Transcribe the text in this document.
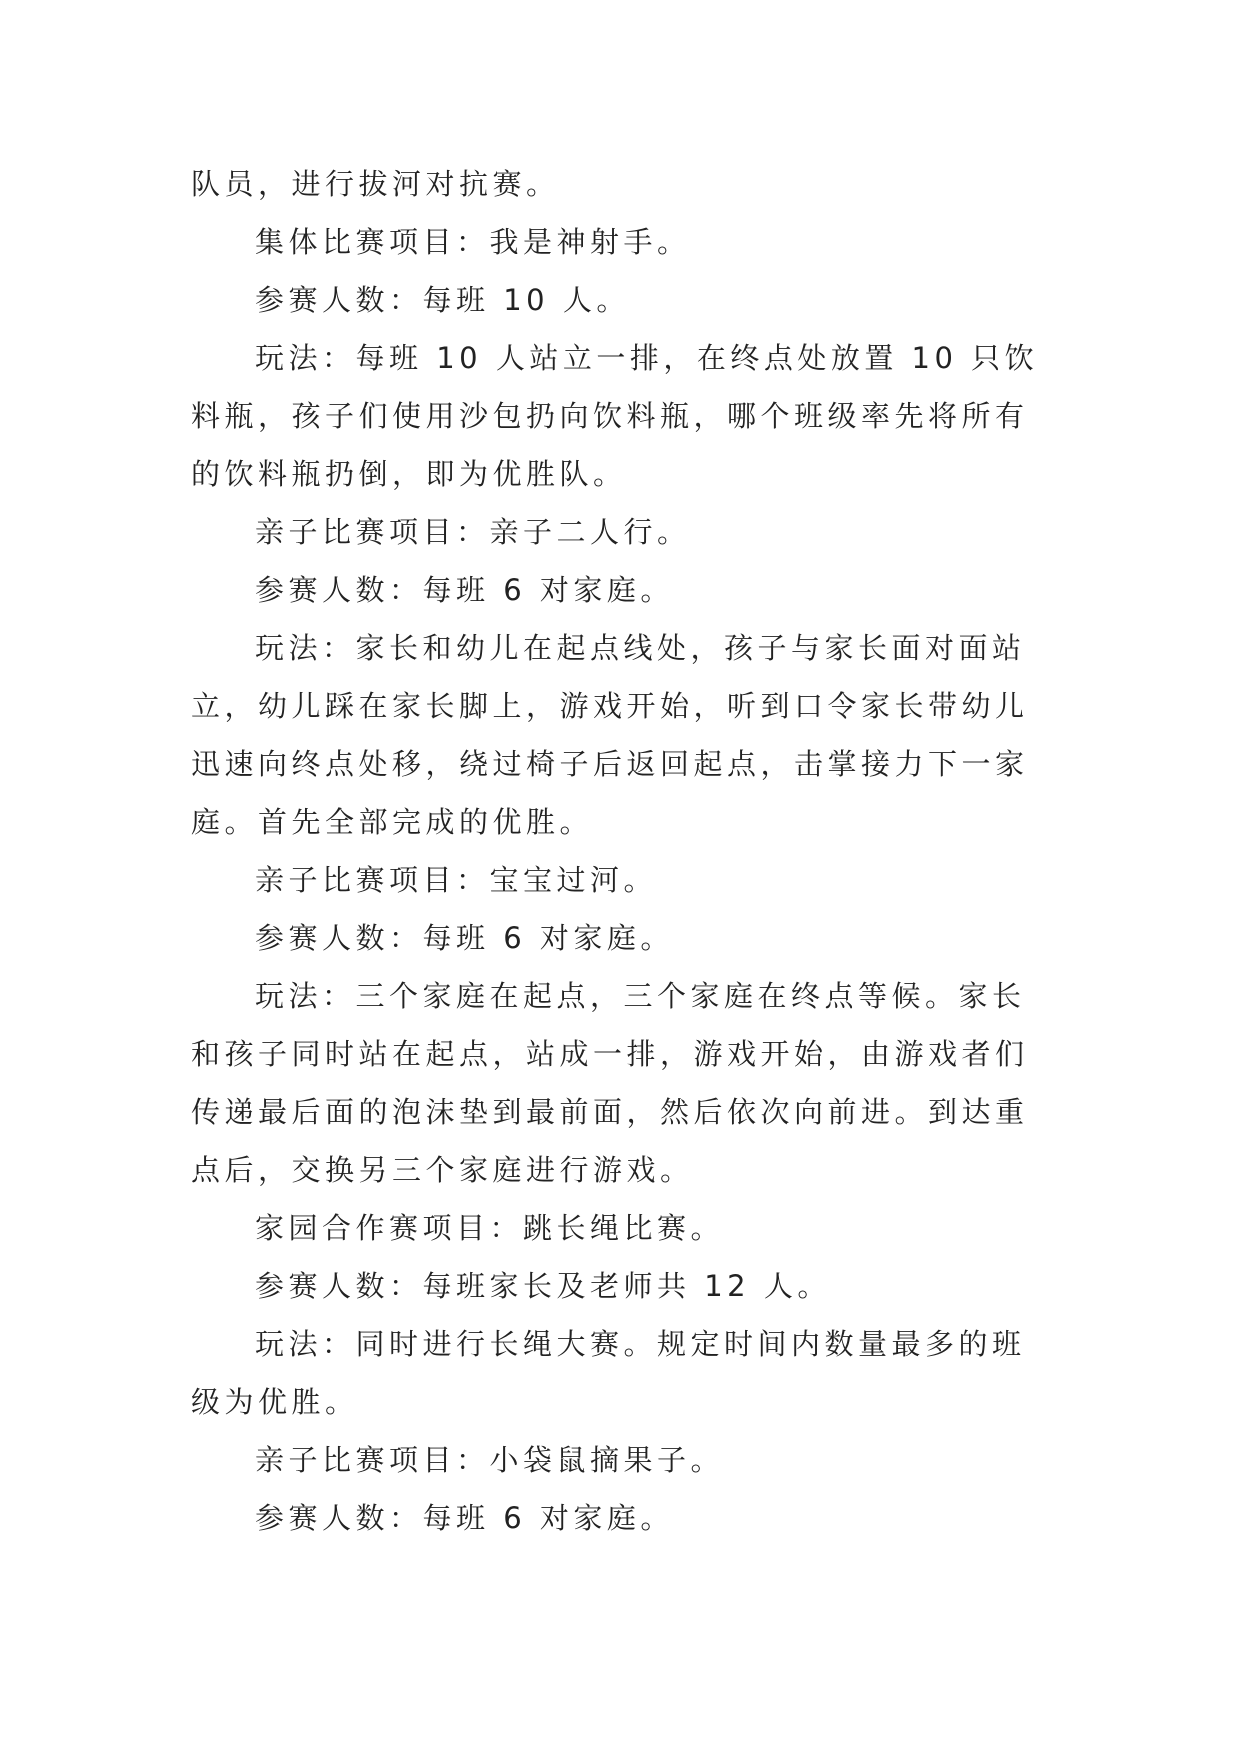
队员，进行拔河对抗赛。

集体比赛项目：我是神射手。

参赛人数：每班 10 人。

玩法：每班 10 人站立一排，在终点处放置 10 只饮料瓶，孩子们使用沙包扔向饮料瓶，哪个班级率先将所有的饮料瓶扔倒，即为优胜队。

亲子比赛项目：亲子二人行。

参赛人数：每班 6 对家庭。

玩法：家长和幼儿在起点线处，孩子与家长面对面站立，幼儿踩在家长脚上，游戏开始，听到口令家长带幼儿迅速向终点处移，绕过椅子后返回起点，击掌接力下一家庭。首先全部完成的优胜。

亲子比赛项目：宝宝过河。

参赛人数：每班 6 对家庭。

玩法：三个家庭在起点，三个家庭在终点等候。家长和孩子同时站在起点，站成一排，游戏开始，由游戏者们传递最后面的泡沫垫到最前面，然后依次向前进。到达重点后，交换另三个家庭进行游戏。

家园合作赛项目：跳长绳比赛。

参赛人数：每班家长及老师共 12 人。

玩法：同时进行长绳大赛。规定时间内数量最多的班级为优胜。

亲子比赛项目：小袋鼠摘果子。

参赛人数：每班 6 对家庭。
